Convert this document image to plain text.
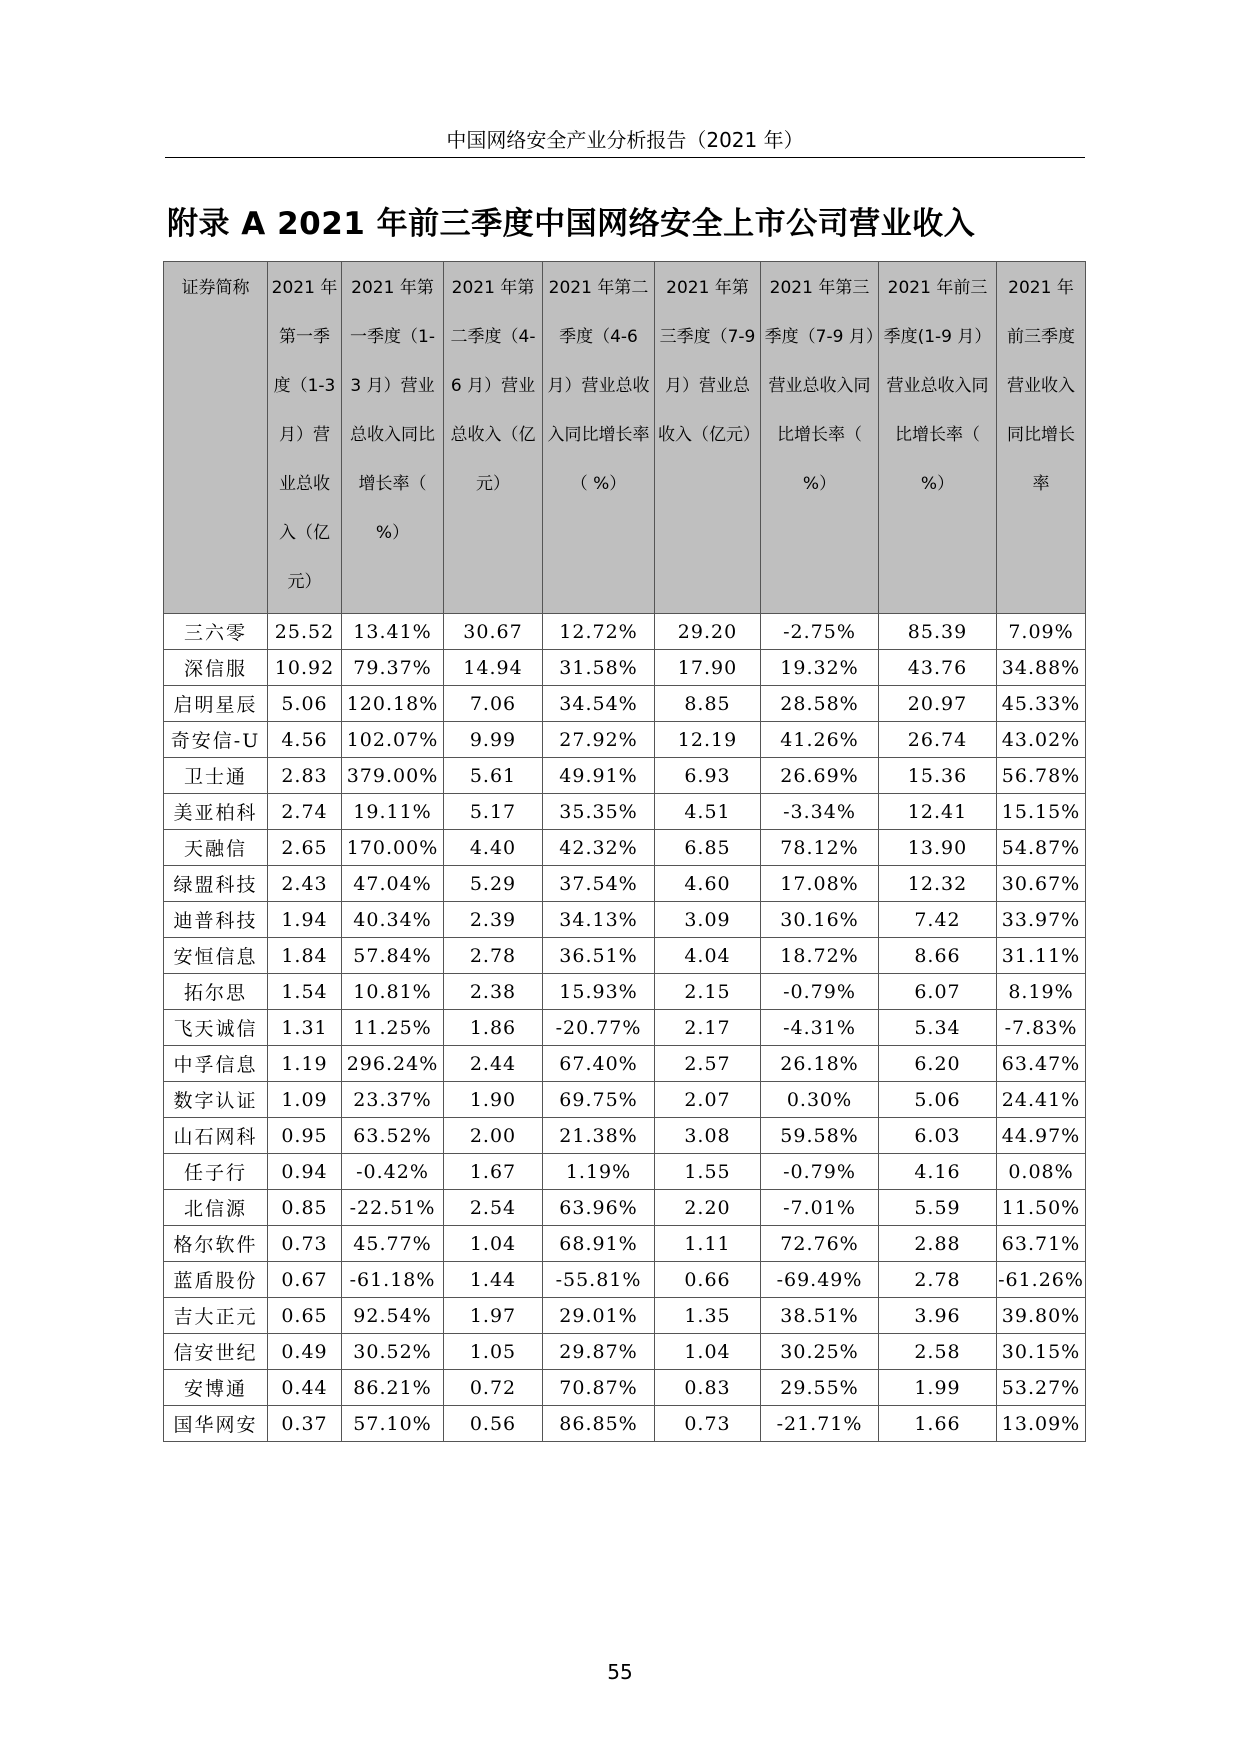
中国网络安全产业分析报告（2021 年）
附录 A 2021 年前三季度中国网络安全上市公司营业收入
证券简称	2021 年第一季度（1-3 月）营业总收入（亿元）	2021 年第一季度（1-3 月）营业总收入同比增长率（ %）	2021 年第二季度（4-6 月）营业总收入（亿元）	2021 年第二季度（4-6 月）营业总收入同比增长率（ %）	2021 年第三季度（7-9 月）营业总收入（亿元）	2021 年第三季度（7-9 月）营业总收入同比增长率（ %）	2021 年前三季度(1-9 月）营业总收入同比增长率（ %）	2021 年前三季度营业收入同比增长率

三六零	25.52	13.41%	30.67	12.72%	29.20	-2.75%	85.39	7.09%
深信服	10.92	79.37%	14.94	31.58%	17.90	19.32%	43.76	34.88%
启明星辰	5.06	120.18%	7.06	34.54%	8.85	28.58%	20.97	45.33%
奇安信-U	4.56	102.07%	9.99	27.92%	12.19	41.26%	26.74	43.02%
卫士通	2.83	379.00%	5.61	49.91%	6.93	26.69%	15.36	56.78%
美亚柏科	2.74	19.11%	5.17	35.35%	4.51	-3.34%	12.41	15.15%
天融信	2.65	170.00%	4.40	42.32%	6.85	78.12%	13.90	54.87%
绿盟科技	2.43	47.04%	5.29	37.54%	4.60	17.08%	12.32	30.67%
迪普科技	1.94	40.34%	2.39	34.13%	3.09	30.16%	7.42	33.97%
安恒信息	1.84	57.84%	2.78	36.51%	4.04	18.72%	8.66	31.11%
拓尔思	1.54	10.81%	2.38	15.93%	2.15	-0.79%	6.07	8.19%
飞天诚信	1.31	11.25%	1.86	-20.77%	2.17	-4.31%	5.34	-7.83%
中孚信息	1.19	296.24%	2.44	67.40%	2.57	26.18%	6.20	63.47%
数字认证	1.09	23.37%	1.90	69.75%	2.07	0.30%	5.06	24.41%
山石网科	0.95	63.52%	2.00	21.38%	3.08	59.58%	6.03	44.97%
任子行	0.94	-0.42%	1.67	1.19%	1.55	-0.79%	4.16	0.08%
北信源	0.85	-22.51%	2.54	63.96%	2.20	-7.01%	5.59	11.50%
格尔软件	0.73	45.77%	1.04	68.91%	1.11	72.76%	2.88	63.71%
蓝盾股份	0.67	-61.18%	1.44	-55.81%	0.66	-69.49%	2.78	-61.26%
吉大正元	0.65	92.54%	1.97	29.01%	1.35	38.51%	3.96	39.80%
信安世纪	0.49	30.52%	1.05	29.87%	1.04	30.25%	2.58	30.15%
安博通	0.44	86.21%	0.72	70.87%	0.83	29.55%	1.99	53.27%
国华网安	0.37	57.10%	0.56	86.85%	0.73	-21.71%	1.66	13.09%
55
